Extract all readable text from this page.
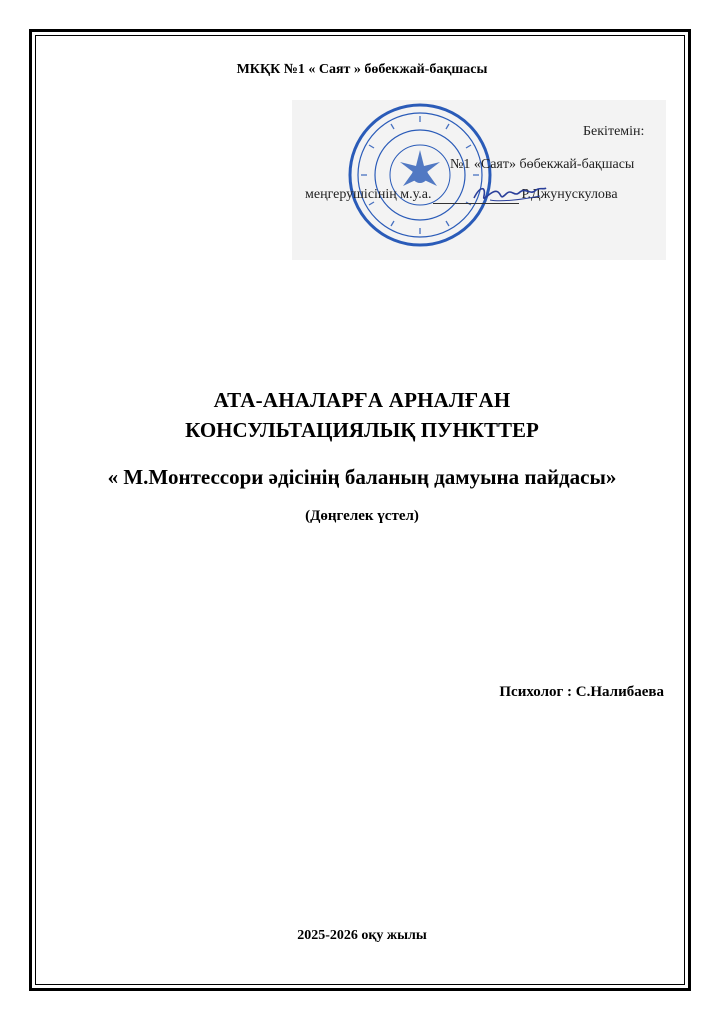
МКҚК №1 « Саят » бөбекжай-бақшасы
Бекітемін:
№1 «Саят» бөбекжай-бақшасы
меңгерушісінің м.у.а.	Р.Джунускулова
АТА-АНАЛАРҒА АРНАЛҒАН
КОНСУЛЬТАЦИЯЛЫҚ ПУНКТТЕР
« М.Монтессори әдісінің баланың дамуына пайдасы»
(Дөңгелек үстел)
Психолог : С.Налибаева
2025-2026 оқу жылы
